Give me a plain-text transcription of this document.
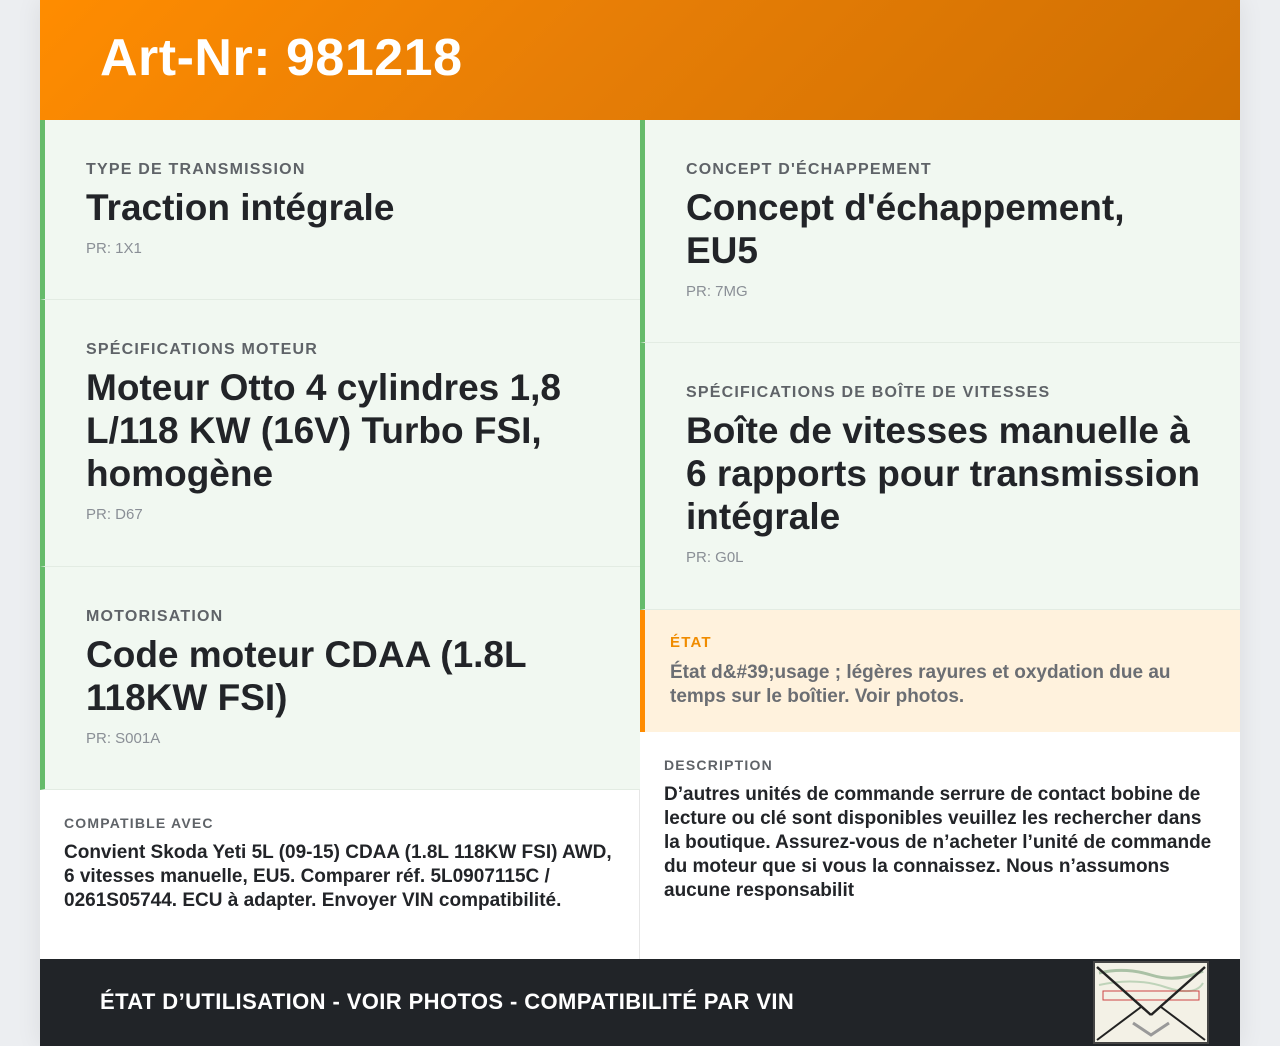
Art-Nr: 981218
TYPE DE TRANSMISSION
Traction intégrale
PR: 1X1
SPÉCIFICATIONS MOTEUR
Moteur Otto 4 cylindres 1,8 L/118 KW (16V) Turbo FSI, homogène
PR: D67
MOTORISATION
Code moteur CDAA (1.8L 118KW FSI)
PR: S001A
COMPATIBLE AVEC
Convient Skoda Yeti 5L (09-15) CDAA (1.8L 118KW FSI) AWD, 6 vitesses manuelle, EU5. Comparer réf. 5L0907115C / 0261S05744. ECU à adapter. Envoyer VIN compatibilité.
CONCEPT D'ÉCHAPPEMENT
Concept d'échappement, EU5
PR: 7MG
SPÉCIFICATIONS DE BOÎTE DE VITESSES
Boîte de vitesses manuelle à 6 rapports pour transmission intégrale
PR: G0L
ÉTAT
État d&#39;usage ; légères rayures et oxydation due au temps sur le boîtier. Voir photos.
DESCRIPTION
D’autres unités de commande serrure de contact bobine de lecture ou clé sont disponibles veuillez les rechercher dans la boutique. Assurez-vous de n’acheter l’unité de commande du moteur que si vous la connaissez. Nous n’assumons aucune responsabilit
ÉTAT D’UTILISATION - VOIR PHOTOS - COMPATIBILITÉ PAR VIN
